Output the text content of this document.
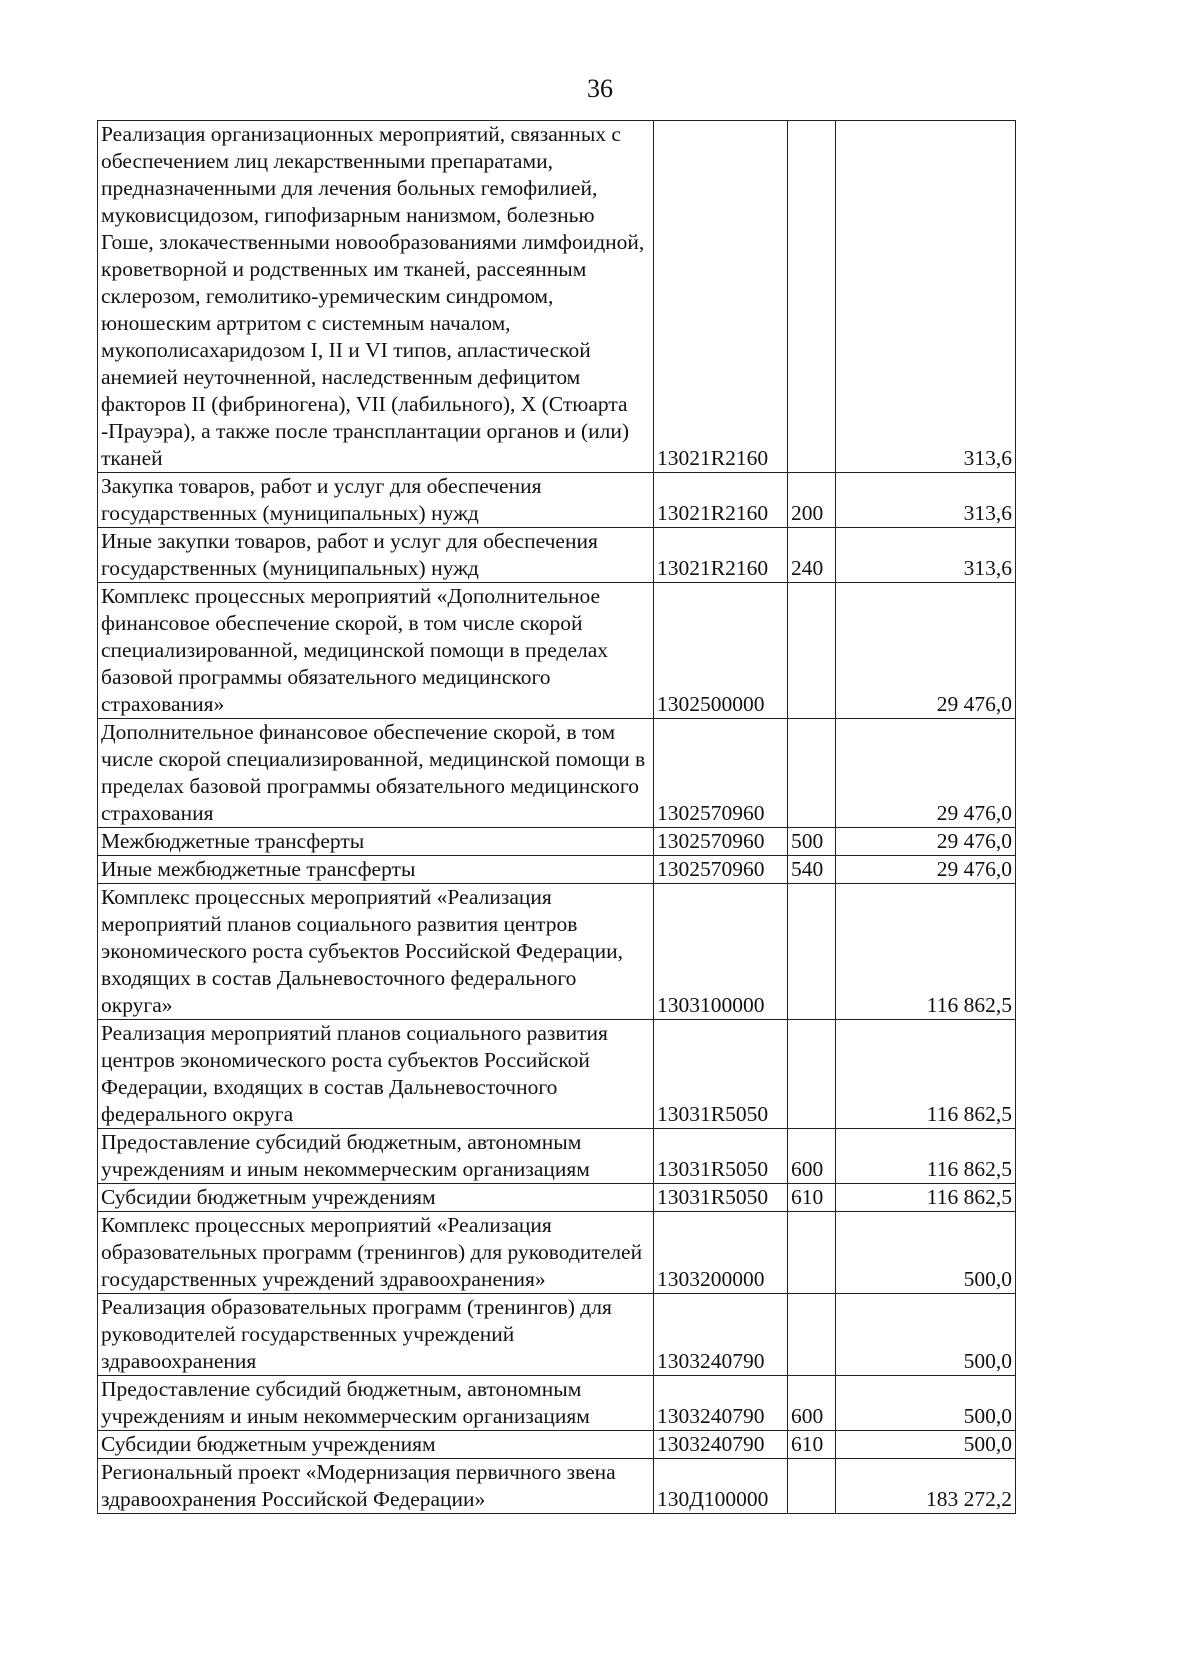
36
Реализация организационных мероприятий, связанных с обеспечением лиц лекарственными препаратами, предназначенными для лечения больных гемофилией, муковисцидозом, гипофизарным нанизмом, болезнью Гоше, злокачественными новообразованиями лимфоидной, кроветворной и родственных им тканей, рассеянным склерозом, гемолитико-уремическим синдромом, юношеским артритом с системным началом, мукополисахаридозом I, II и VI типов, апластической анемией неуточненной, наследственным дефицитом факторов II (фибриногена), VII (лабильного), X (Стюарта -Прауэра), а также после трансплантации органов и (или) тканей	13021R2160		313,6
Закупка товаров, работ и услуг для обеспечения государственных (муниципальных) нужд	13021R2160	200	313,6
Иные закупки товаров, работ и услуг для обеспечения государственных (муниципальных) нужд	13021R2160	240	313,6
Комплекс процессных мероприятий «Дополнительное финансовое обеспечение скорой, в том числе скорой специализированной, медицинской помощи в пределах базовой программы обязательного медицинского страхования»	1302500000		29 476,0
Дополнительное финансовое обеспечение скорой, в том числе скорой специализированной, медицинской помощи в пределах базовой программы обязательного медицинского страхования	1302570960		29 476,0
Межбюджетные трансферты	1302570960	500	29 476,0
Иные межбюджетные трансферты	1302570960	540	29 476,0
Комплекс процессных мероприятий «Реализация мероприятий планов социального развития центров экономического роста субъектов Российской Федерации, входящих в состав Дальневосточного федерального округа»	1303100000		116 862,5
Реализация мероприятий планов социального развития центров экономического роста субъектов Российской Федерации, входящих в состав Дальневосточного федерального округа	13031R5050		116 862,5
Предоставление субсидий бюджетным, автономным учреждениям и иным некоммерческим организациям	13031R5050	600	116 862,5
Субсидии бюджетным учреждениям	13031R5050	610	116 862,5
Комплекс процессных мероприятий «Реализация образовательных программ (тренингов) для руководителей государственных учреждений здравоохранения»	1303200000		500,0
Реализация образовательных программ (тренингов) для руководителей государственных учреждений здравоохранения	1303240790		500,0
Предоставление субсидий бюджетным, автономным учреждениям и иным некоммерческим организациям	1303240790	600	500,0
Субсидии бюджетным учреждениям	1303240790	610	500,0
Региональный проект «Модернизация первичного звена здравоохранения Российской Федерации»	130Д100000		183 272,2
